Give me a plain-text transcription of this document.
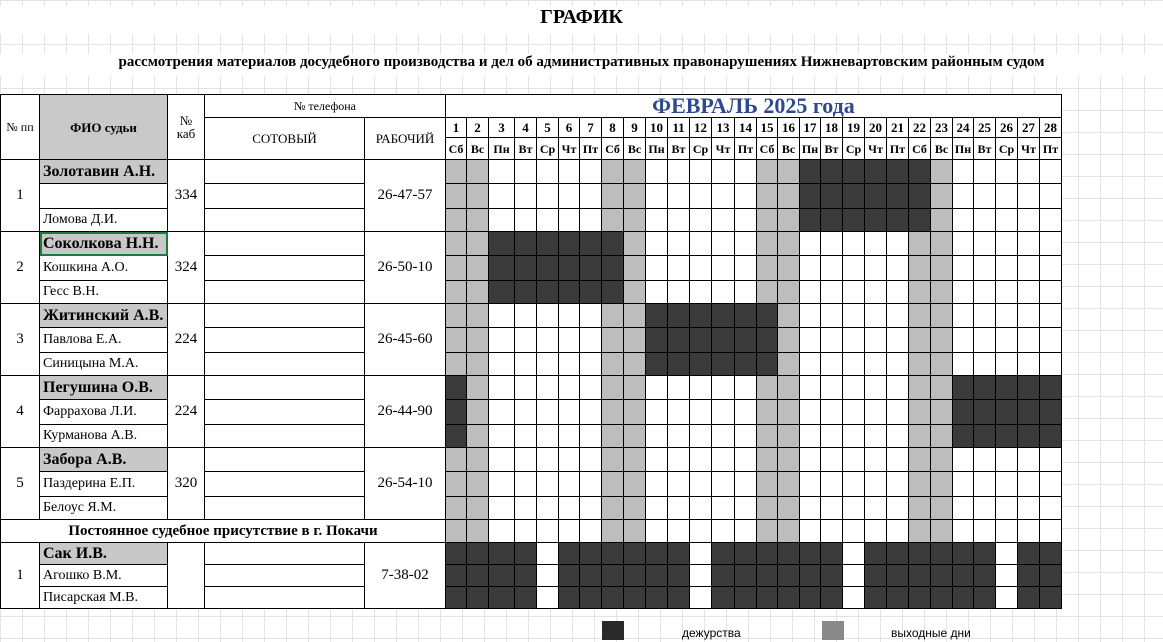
ГРАФИК
рассмотрения материалов досудебного производства и дел об административных правонарушениях Нижневартовским районным судом
№ пп	ФИО судьи	№
каб	№ телефона		ФЕВРАЛЬ 2025 года																											
			СОТОВЫЙ	РАБОЧИЙ	1	2	3	4	5	6	7	8	9	10	11	12	13	14	15	16	17	18	19	20	21	22	23	24	25	26	27	28
					Сб	Вс	Пн	Вт	Ср	Чт	Пт	Сб	Вс	Пн	Вт	Ср	Чт	Пт	Сб	Вс	Пн	Вт	Ср	Чт	Пт	Сб	Вс	Пн	Вт	Ср	Чт	Пт
1	Золотавин А.Н.	334		26-47-57																												

	Ломова Д.И.																															
2	Соколкова Н.Н.	324		26-50-10																												
	Кошкина А.О.																															
	Гесс В.Н.																															
3	Житинский А.В.	224		26-45-60																												
	Павлова Е.А.																															
	Синицына М.А.																															
4	Пегушина О.В.	224		26-44-90																												
	Фаррахова Л.И.																															
	Курманова А.В.																															
5	Забора А.В.	320		26-54-10																												
	Паздерина Е.П.																															
	Белоус Я.М.																															
Постоянное судебное присутствие в г. Покачи																																
1	Сак И.В.			7-38-02																												
	Агошко В.М.																															
	Писарская М.В.																															
дежурства	выходные дни
